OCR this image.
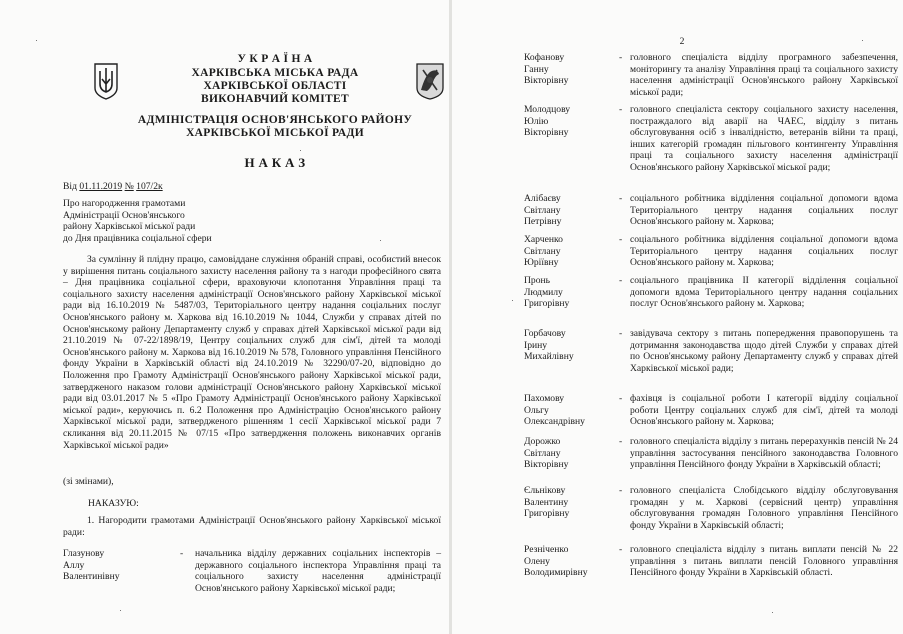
У К Р А Ї Н А
ХАРКІВСЬКА МІСЬКА РАДА
ХАРКІВСЬКОЇ ОБЛАСТІ
ВИКОНАВЧИЙ КОМІТЕТ
АДМІНІСТРАЦІЯ ОСНОВ'ЯНСЬКОГО РАЙОНУ
ХАРКІВСЬКОЇ МІСЬКОЇ РАДИ
Н А К А З
Від 01.11.2019 № 107/2к
Про нагородження грамотами
Адміністрації Основ'янського
району Харківської міської ради
до Дня працівника соціальної сфери
За сумлінну й плідну працю, самовіддане служіння обраній справі, особистий внесок у вирішення питань соціального захисту населення району та з нагоди професійного свята – Дня працівника соціальної сфери, враховуючи клопотання Управління праці та соціального захисту населення адміністрації Основ'янського району Харківської міської ради від 16.10.2019 № 5487/03, Територіального центру надання соціальних послуг Основ'янського району м. Харкова від 16.10.2019 № 1044, Служби у справах дітей по Основ'янському району Департаменту служб у справах дітей Харківської міської ради від 21.10.2019 № 07-22/1898/19, Центру соціальних служб для сім'ї, дітей та молоді Основ'янського району м. Харкова від 16.10.2019 № 578, Головного управління Пенсійного фонду України в Харківській області від 24.10.2019 № 32290/07-20, відповідно до Положення про Грамоту Адміністрації Основ'янського району Харківської міської ради, затвердженого наказом голови адміністрації Основ'янського району Харківської міської ради від 03.01.2017 № 5 «Про Грамоту Адміністрації Основ'янського району Харківської міської ради», керуючись п. 6.2 Положення про Адміністрацію Основ'янського району Харківської міської ради, затвердженого рішенням 1 сесії Харківської міської ради 7 скликання від 20.11.2015 № 07/15 «Про затвердження положень виконавчих органів Харківської міської ради»
(зі змінами),
НАКАЗУЮ:
1. Нагородити грамотами Адміністрації Основ'янського району Харківської міської ради:
Глазунову
Аллу
Валентинівну
- начальника відділу державних соціальних інспекторів – державного соціального інспектора Управління праці та соціального захисту населення адміністрації Основ'янського району Харківської міської ради;
2
Кофанову
Ганну
Вікторівну
- головного спеціаліста відділу програмного забезпечення, моніторингу та аналізу Управління праці та соціального захисту населення адміністрації Основ'янського району Харківської міської ради;
Молодцову
Юлію
Вікторівну
- головного спеціаліста сектору соціального захисту населення, постраждалого від аварії на ЧАЕС, відділу з питань обслуговування осіб з інвалідністю, ветеранів війни та праці, інших категорій громадян пільгового контингенту Управління праці та соціального захисту населення адміністрації Основ'янського району Харківської міської ради;
Алібаєву
Світлану
Петрівну
- соціального робітника відділення соціальної допомоги вдома Територіального центру надання соціальних послуг Основ'янського району м. Харкова;
Харченко
Світлану
Юріївну
- соціального робітника відділення соціальної допомоги вдома Територіального центру надання соціальних послуг Основ'янського району м. Харкова;
Пронь
Людмилу
Григорівну
- соціального працівника II категорії відділення соціальної допомоги вдома Територіального центру надання соціальних послуг Основ'янського району м. Харкова;
Горбачову
Ірину
Михайлівну
- завідувача сектору з питань попередження правопорушень та дотримання законодавства щодо дітей Служби у справах дітей по Основ'янському району Департаменту служб у справах дітей Харківської міської ради;
Пахомову
Ольгу
Олександрівну
- фахівця із соціальної роботи I категорії відділу соціальної роботи Центру соціальних служб для сім'ї, дітей та молоді Основ'янського району м. Харкова;
Дорожко
Світлану
Вікторівну
- головного спеціаліста відділу з питань перерахунків пенсій № 24 управління застосування пенсійного законодавства Головного управління Пенсійного фонду України в Харківській області;
Єльнікову
Валентину
Григорівну
- головного спеціаліста Слобідського відділу обслуговування громадян у м. Харкові (сервісний центр) управління обслуговування громадян Головного управління Пенсійного фонду України в Харківській області;
Резніченко
Олену
Володимирівну
- головного спеціаліста відділу з питань виплати пенсій № 22 управління з питань виплати пенсій Головного управління Пенсійного фонду України в Харківській області.
